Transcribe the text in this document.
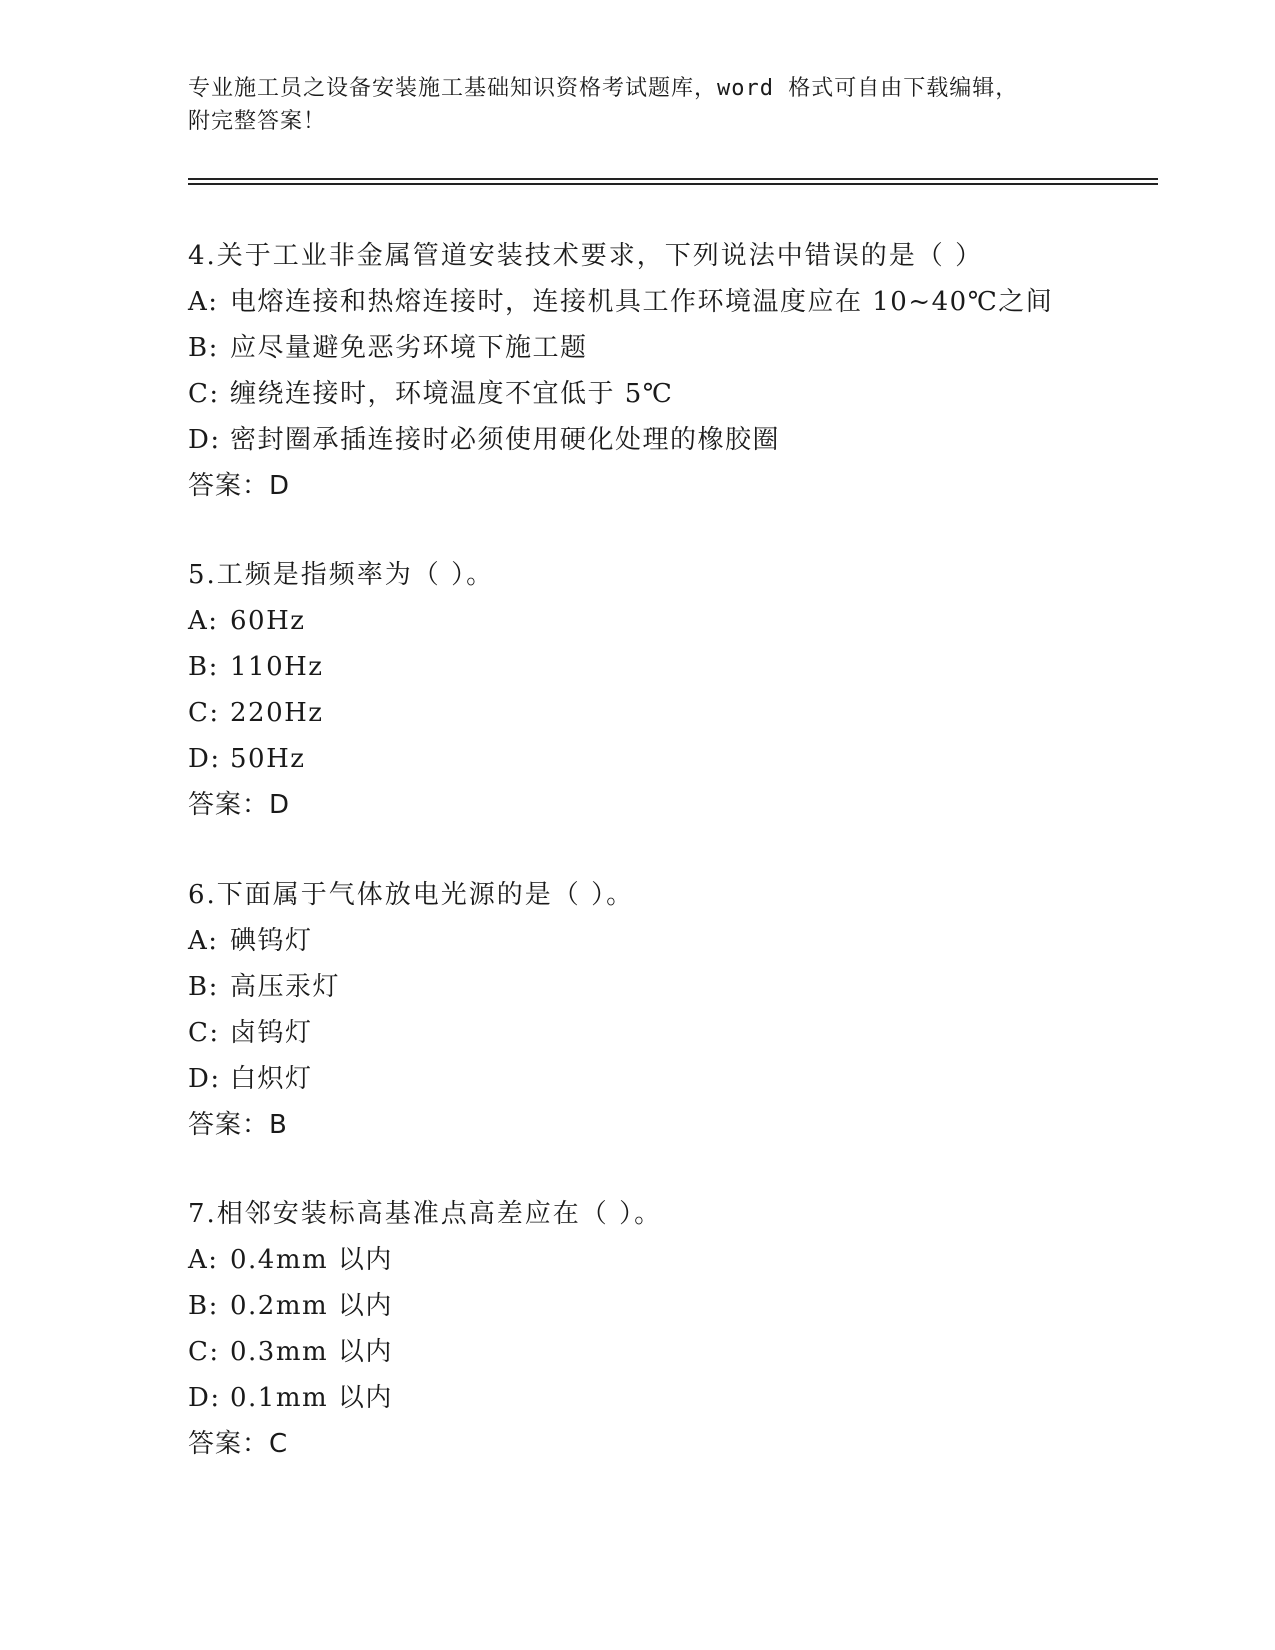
专业施工员之设备安装施工基础知识资格考试题库，word 格式可自由下载编辑，
附完整答案！
4.关于工业非金属管道安装技术要求，下列说法中错误的是（ ）
A: 电熔连接和热熔连接时，连接机具工作环境温度应在 10~40℃之间
B: 应尽量避免恶劣环境下施工题
C: 缠绕连接时，环境温度不宜低于 5℃
D: 密封圈承插连接时必须使用硬化处理的橡胶圈
答案：D
5.工频是指频率为（ ）。
A: 60Hz
B: 110Hz
C: 220Hz
D: 50Hz
答案：D
6.下面属于气体放电光源的是（ ）。
A: 碘钨灯
B: 高压汞灯
C: 卤钨灯
D: 白炽灯
答案：B
7.相邻安装标高基准点高差应在（ ）。
A: 0.4mm 以内
B: 0.2mm 以内
C: 0.3mm 以内
D: 0.1mm 以内
答案：C
